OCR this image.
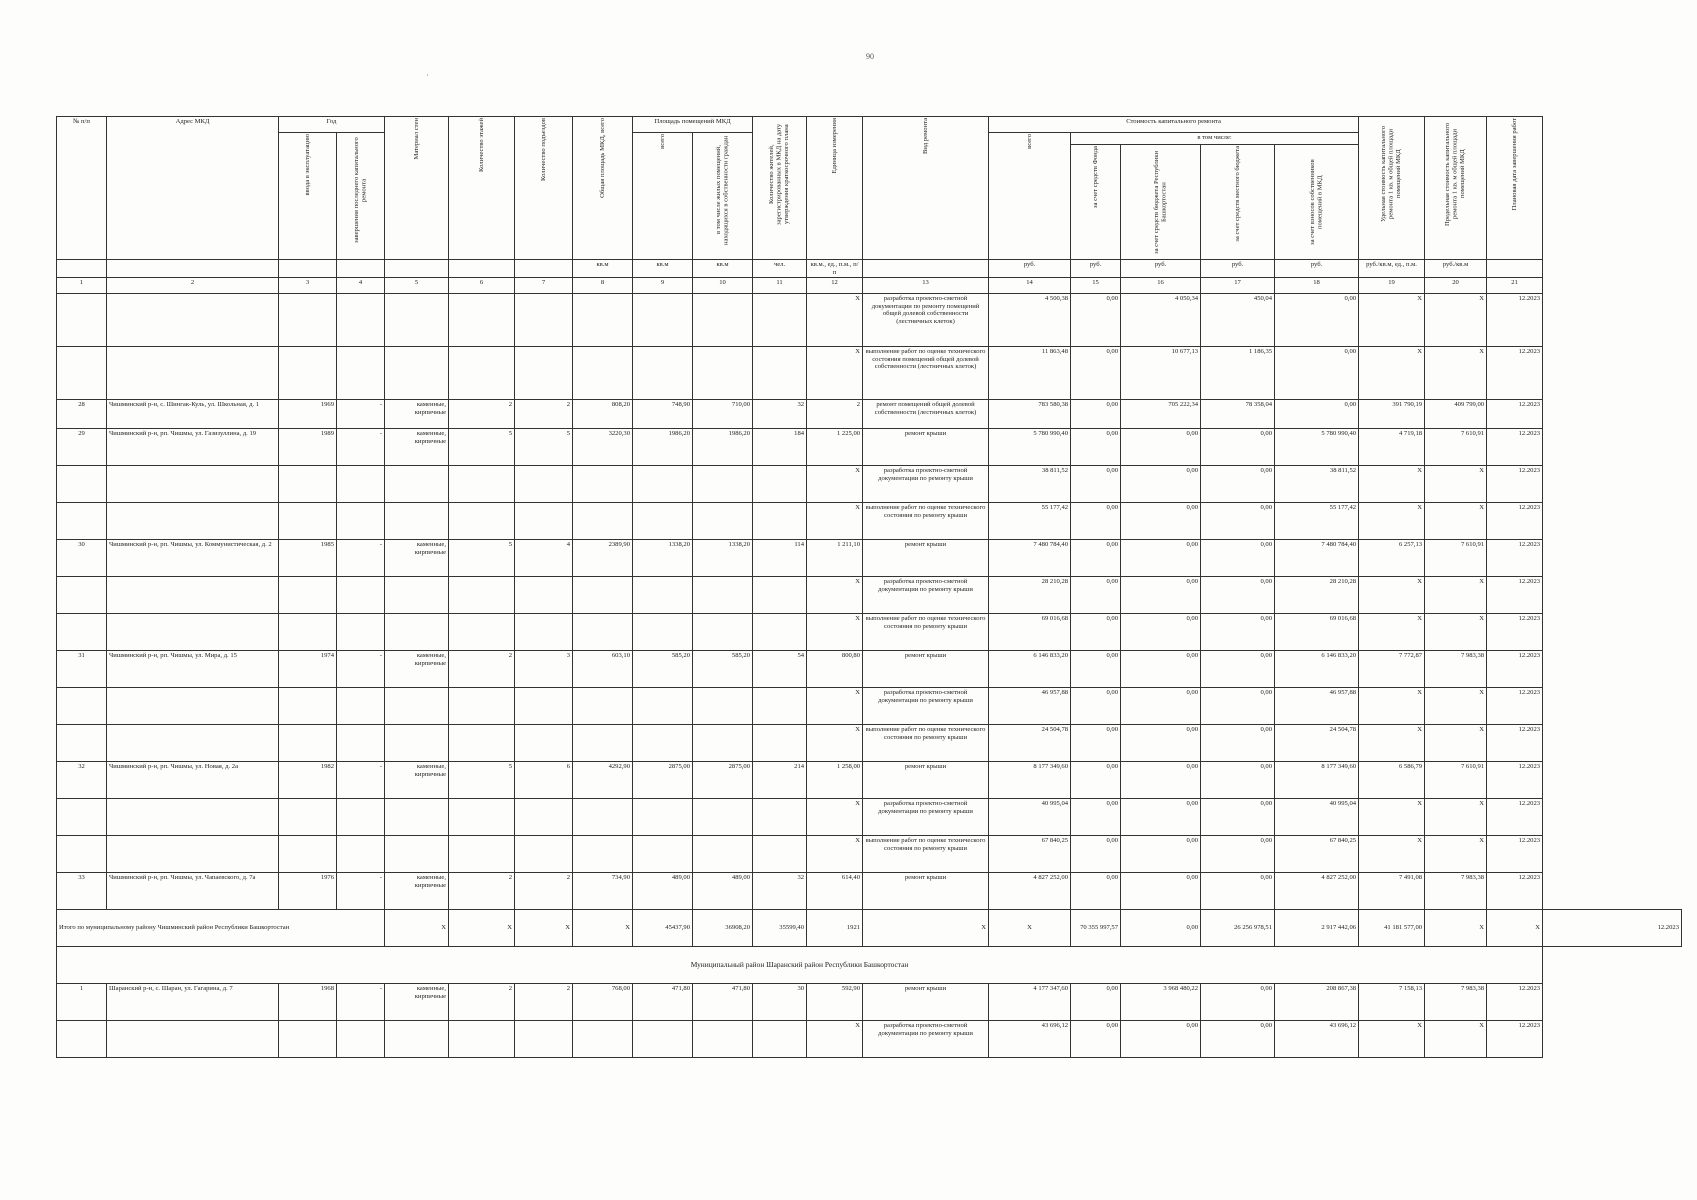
90
·
№ п/п	Адрес МКД	Год		Материал стен	Количество этажей	Количество подъездов	Общая площадь МКД, всего	Площадь помещений МКД		Количество жителей, зарегистрированных в МКД на дату утверждения краткосрочного плана	Единица измерения	Вид ремонта	Стоимость капитального ремонта					Удельная стоимость капитального ремонта 1 кв. м общей площади помещений МКД	Предельная стоимость капитального ремонта 1 кв. м общей площади помещений МКД	Плановая дата завершения работ	

		ввода в эксплуатацию	завершения последнего капитального ремонта					всего	в том числе жилых помещений, находящихся в собственности граждан				всего	в том числе:							

														за счет средств Фонда	за счет средств бюджета Республики Башкортостан	за счет средств местного бюджета	за счет взносов собственников помещений в МКД				

							кв.м	кв.м	кв.м	чел.	кв.м., ед., п.м., п/п		руб.	руб.	руб.	руб.	руб.	руб./кв.м, ед., п.м.	руб./кв.м		
1	2	3	4	5	6	7	8	9	10	11	12	13	14	15	16	17	18	19	20	21	
											X	разработка проектно-сметной документации по ремонту помещений общей долевой собственности (лестничных клеток)	4 500,38	0,00	4 050,34	450,04	0,00	X	X	12.2023	
											X	выполнение работ по оценке технического состояния помещений общей долевой собственности (лестничных клеток)	11 863,48	0,00	10 677,13	1 186,35	0,00	X	X	12.2023	
28	Чишминский р-н, с. Шингак-Куль, ул. Школьная, д. 1	1969	-	каменные, кирпичные	2	2	808,20	748,90	710,00	32	2	ремонт помещений общей долевой собственности (лестничных клеток)	783 580,38	0,00	705 222,34	78 358,04	0,00	391 790,19	409 799,00	12.2023	
29	Чишминский р-н, рп. Чишмы, ул. Газизуллина, д. 19	1989	-	каменные, кирпичные	5	5	3220,30	1986,20	1986,20	184	1 225,00	ремонт крыши	5 780 990,40	0,00	0,00	0,00	5 780 990,40	4 719,18	7 610,91	12.2023	
											X	разработка проектно-сметной документации по ремонту крыши	38 811,52	0,00	0,00	0,00	38 811,52	X	X	12.2023	
											X	выполнение работ по оценке технического состояния по ремонту крыши	55 177,42	0,00	0,00	0,00	55 177,42	X	X	12.2023	
30	Чишминский р-н, рп. Чишмы, ул. Коммунистическая, д. 2	1985	-	каменные, кирпичные	5	4	2389,90	1338,20	1338,20	114	1 211,10	ремонт крыши	7 480 784,40	0,00	0,00	0,00	7 480 784,40	6 257,13	7 610,91	12.2023	
											X	разработка проектно-сметной документации по ремонту крыши	28 210,28	0,00	0,00	0,00	28 210,28	X	X	12.2023	
											X	выполнение работ по оценке технического состояния по ремонту крыши	69 016,68	0,00	0,00	0,00	69 016,68	X	X	12.2023	
31	Чишминский р-н, рп. Чишмы, ул. Мира, д. 15	1974	-	каменные, кирпичные	2	3	603,10	585,20	585,20	54	800,80	ремонт крыши	6 146 833,20	0,00	0,00	0,00	6 146 833,20	7 772,87	7 983,38	12.2023	
											X	разработка проектно-сметной документации по ремонту крыши	46 957,88	0,00	0,00	0,00	46 957,88	X	X	12.2023	
											X	выполнение работ по оценке технического состояния по ремонту крыши	24 504,78	0,00	0,00	0,00	24 504,78	X	X	12.2023	
32	Чишминский р-н, рп. Чишмы, ул. Новая, д. 2а	1982	-	каменные, кирпичные	5	6	4292,90	2875,00	2875,00	214	1 258,00	ремонт крыши	8 177 349,60	0,00	0,00	0,00	8 177 349,60	6 586,79	7 610,91	12.2023	
											X	разработка проектно-сметной документации по ремонту крыши	40 995,04	0,00	0,00	0,00	40 995,04	X	X	12.2023	
											X	выполнение работ по оценке технического состояния по ремонту крыши	67 840,25	0,00	0,00	0,00	67 840,25	X	X	12.2023	
33	Чишминский р-н, рп. Чишмы, ул. Чапаевского, д. 7а	1976	-	каменные, кирпичные	2	2	734,90	489,00	489,00	32	614,40	ремонт крыши	4 827 252,00	0,00	0,00	0,00	4 827 252,00	7 491,08	7 983,38	12.2023	
Итого по муниципальному району Чишминский район Республики Башкортостан				X	X	X	X	45437,90	36908,20	35599,40	1921	X	X	70 355 997,57	0,00	26 256 978,51	2 917 442,06	41 181 577,00	X	X	12.2023
Муниципальный район Шаранский район Республики Башкортостан																					
1	Шаранский р-н, с. Шаран, ул. Гагарина, д. 7	1968	-	каменные, кирпичные	2	2	768,00	471,80	471,80	30	592,90	ремонт крыши	4 177 347,60	0,00	3 968 480,22	0,00	208 867,38	7 158,13	7 983,38	12.2023	
											X	разработка проектно-сметной документации по ремонту крыши	43 696,12	0,00	0,00	0,00	43 696,12	X	X	12.2023	
